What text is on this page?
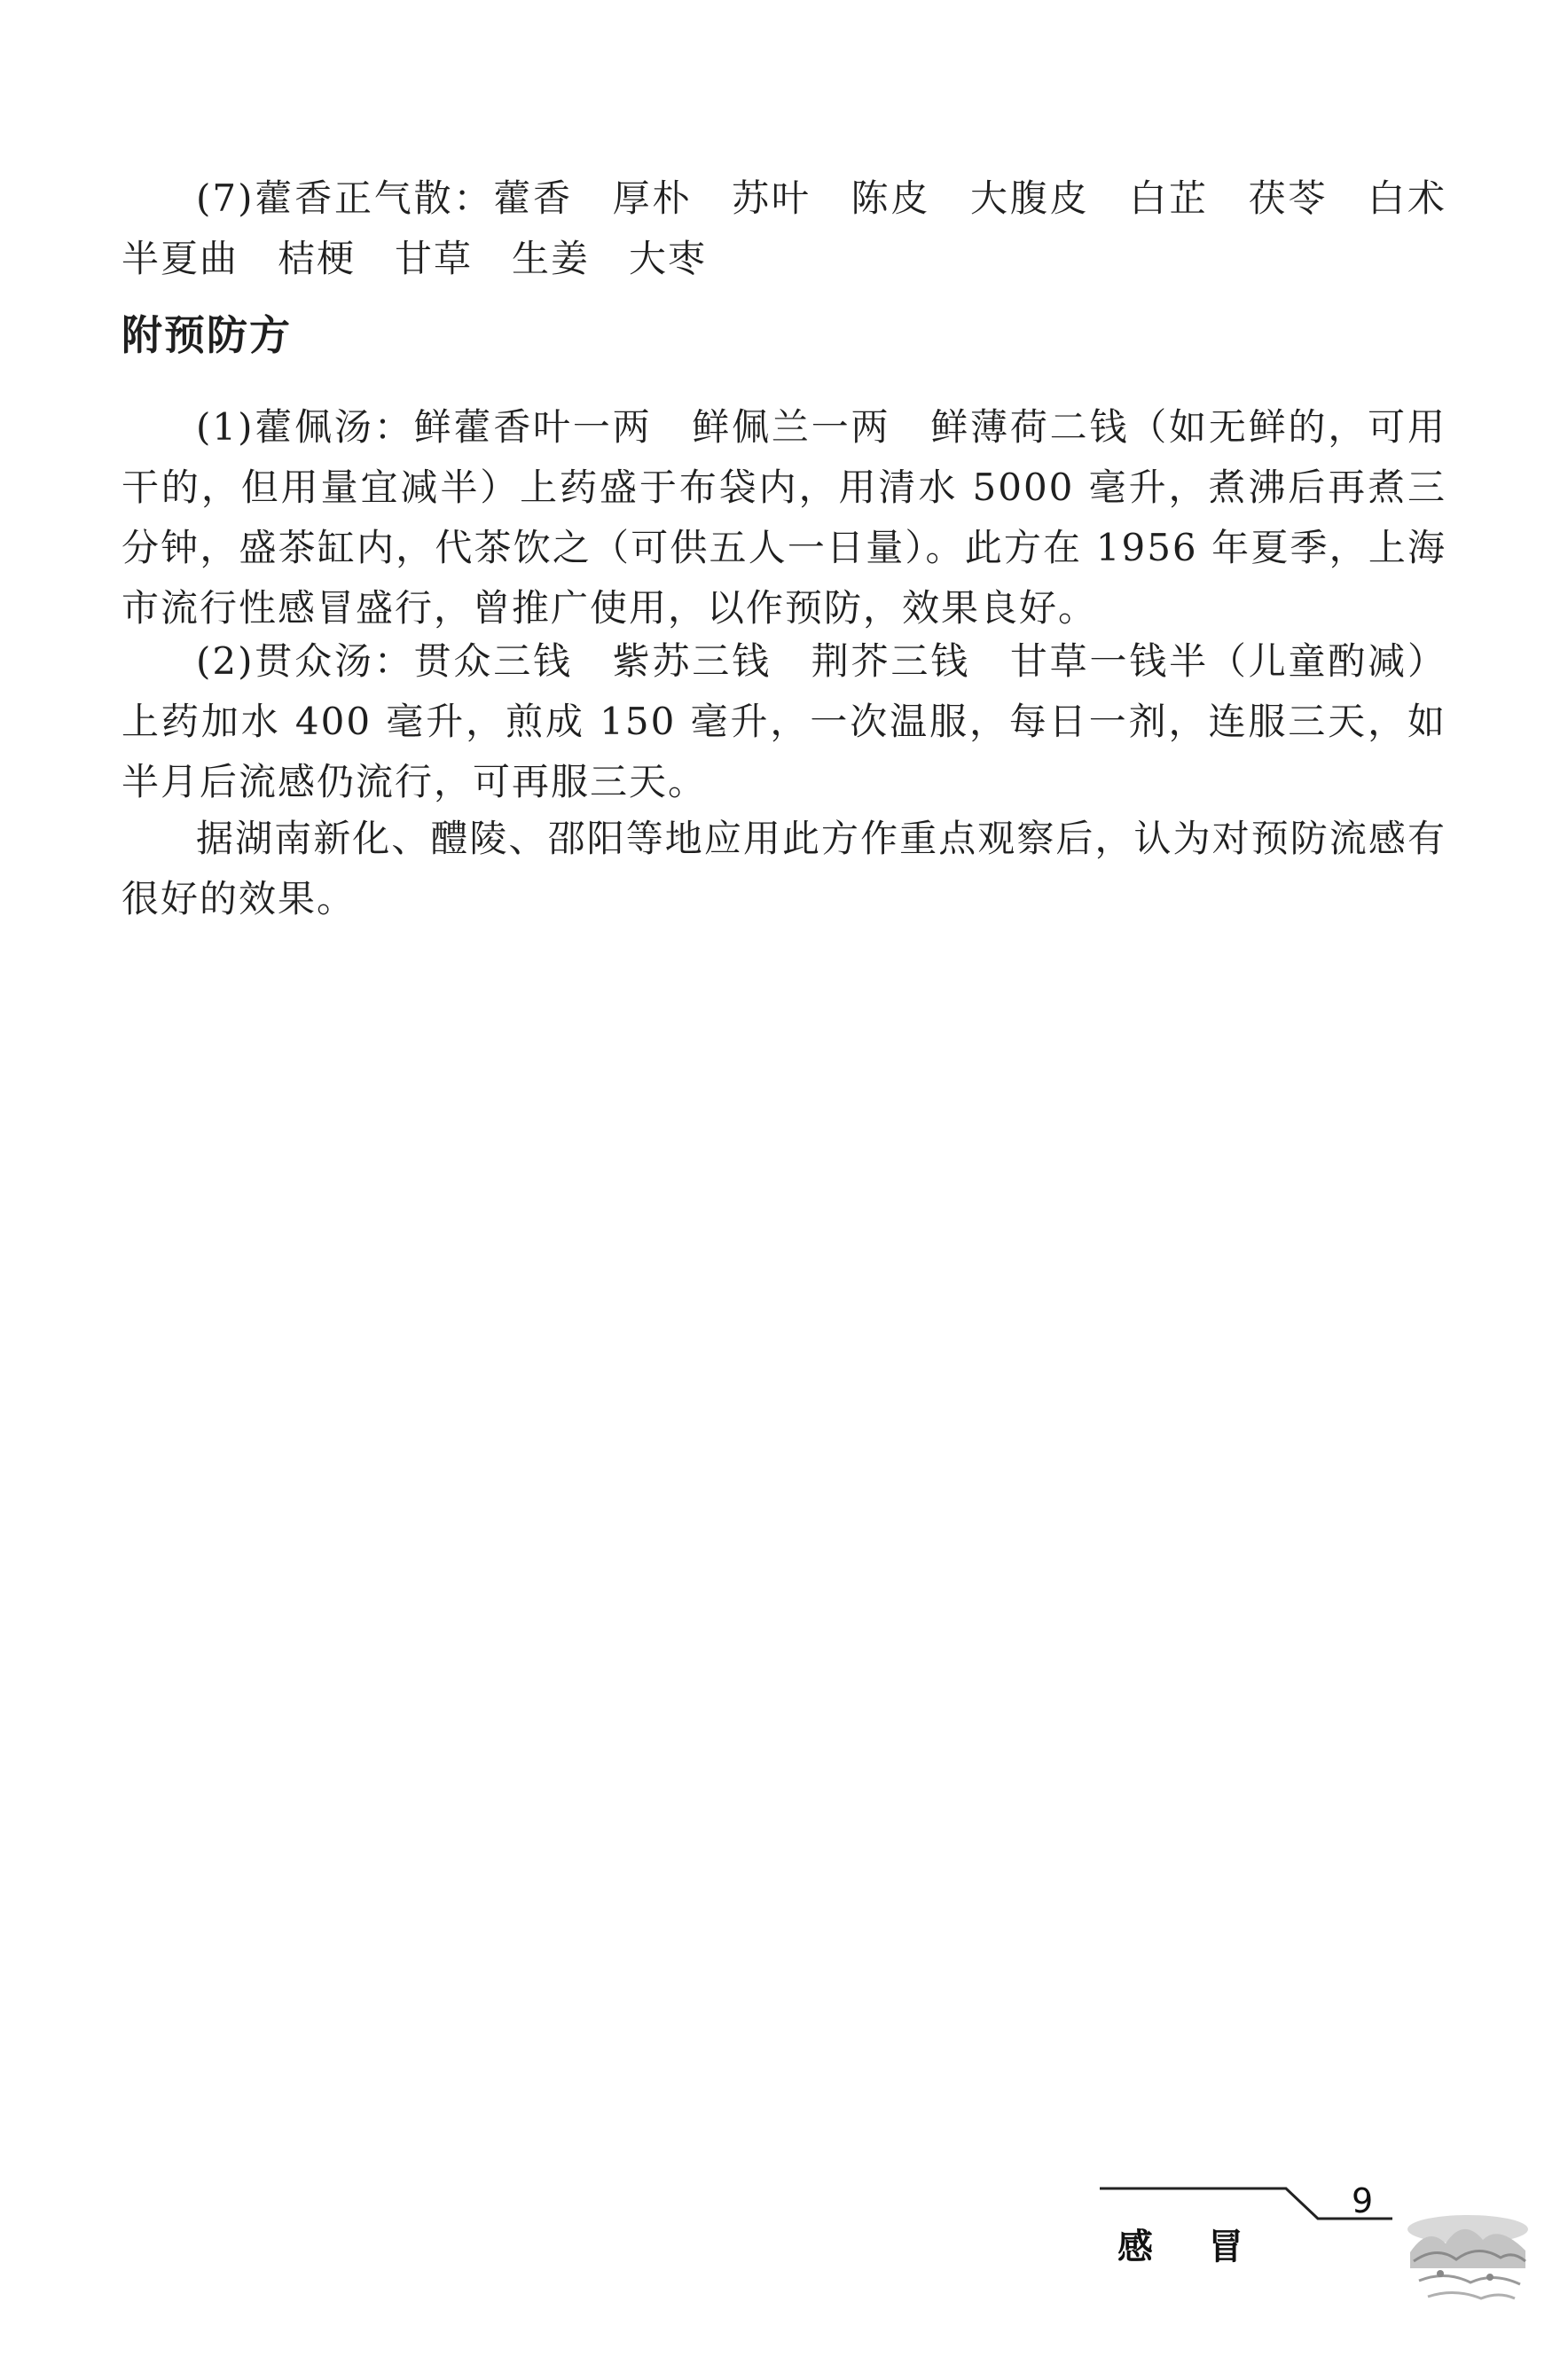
(7)藿香正气散：藿香　厚朴　苏叶　陈皮　大腹皮　白芷　茯苓　白术　半夏曲　桔梗　甘草　生姜　大枣

附预防方

(1)藿佩汤：鲜藿香叶一两　鲜佩兰一两　鲜薄荷二钱（如无鲜的，可用干的，但用量宜减半）上药盛于布袋内，用清水 5000 毫升，煮沸后再煮三分钟，盛茶缸内，代茶饮之（可供五人一日量）。此方在 1956 年夏季，上海市流行性感冒盛行，曾推广使用，以作预防，效果良好。

(2)贯众汤：贯众三钱　紫苏三钱　荆芥三钱　甘草一钱半（儿童酌减）上药加水 400 毫升，煎成 150 毫升，一次温服，每日一剂，连服三天，如半月后流感仍流行，可再服三天。

据湖南新化、醴陵、邵阳等地应用此方作重点观察后，认为对预防流感有很好的效果。

感冒
9
